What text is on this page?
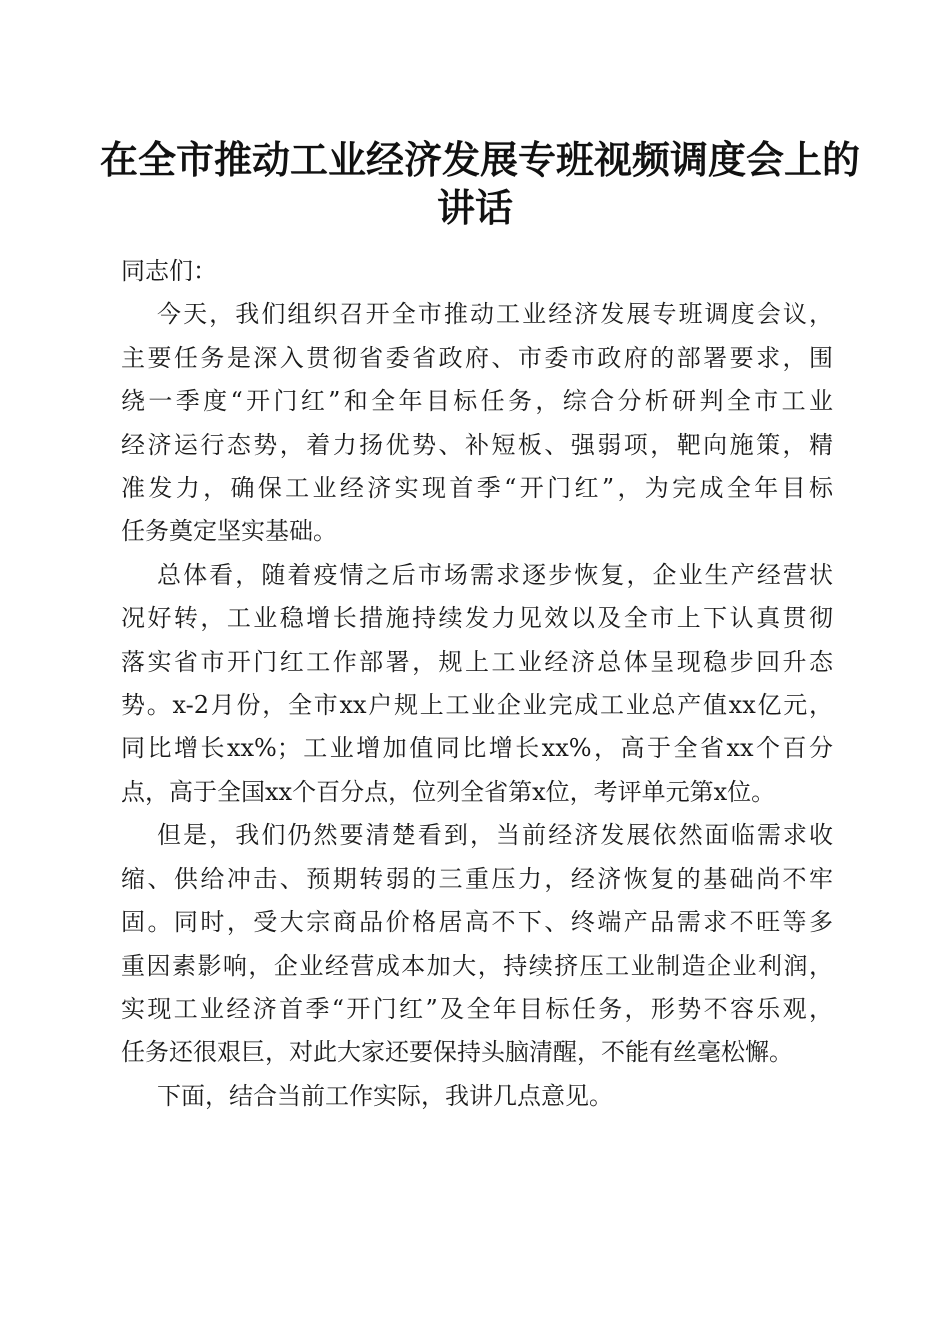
在全市推动工业经济发展专班视频调度会上的
讲话

同志们：

今天，我们组织召开全市推动工业经济发展专班调度会议，
主要任务是深入贯彻省委省政府、市委市政府的部署要求，围
绕一季度“开门红”和全年目标任务，综合分析研判全市工业
经济运行态势，着力扬优势、补短板、强弱项，靶向施策，精
准发力，确保工业经济实现首季“开门红”，为完成全年目标
任务奠定坚实基础。

总体看，随着疫情之后市场需求逐步恢复，企业生产经营状
况好转，工业稳增长措施持续发力见效以及全市上下认真贯彻
落实省市开门红工作部署，规上工业经济总体呈现稳步回升态
势。x-2月份，全市xx户规上工业企业完成工业总产值xx亿元，
同比增长xx%；工业增加值同比增长xx%，高于全省xx个百分
点，高于全国xx个百分点，位列全省第x位，考评单元第x位。

但是，我们仍然要清楚看到，当前经济发展依然面临需求收
缩、供给冲击、预期转弱的三重压力，经济恢复的基础尚不牢
固。同时，受大宗商品价格居高不下、终端产品需求不旺等多
重因素影响，企业经营成本加大，持续挤压工业制造企业利润，
实现工业经济首季“开门红”及全年目标任务，形势不容乐观，
任务还很艰巨，对此大家还要保持头脑清醒，不能有丝毫松懈。

下面，结合当前工作实际，我讲几点意见。
